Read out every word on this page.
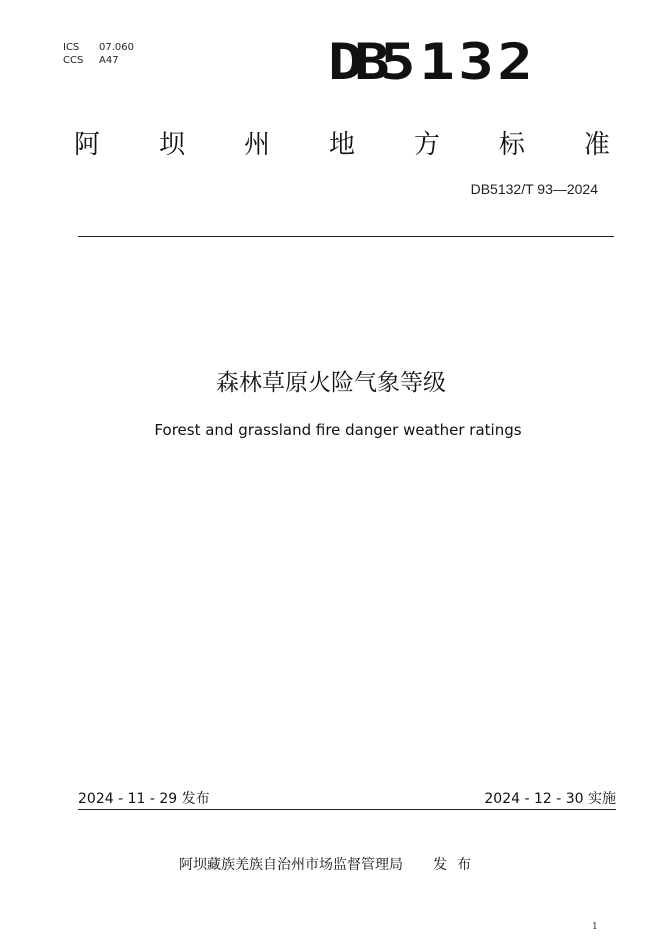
ICS	07.060
CCS	A47	DB5132
阿 坝 州 地 方 标 准
DB5132/T 93—2024
森林草原火险气象等级
Forest and grassland fire danger weather ratings
2024 - 11 - 29 发布	2024 - 12 - 30 实施
阿坝藏族羌族自治州市场监督管理局 发布
1
